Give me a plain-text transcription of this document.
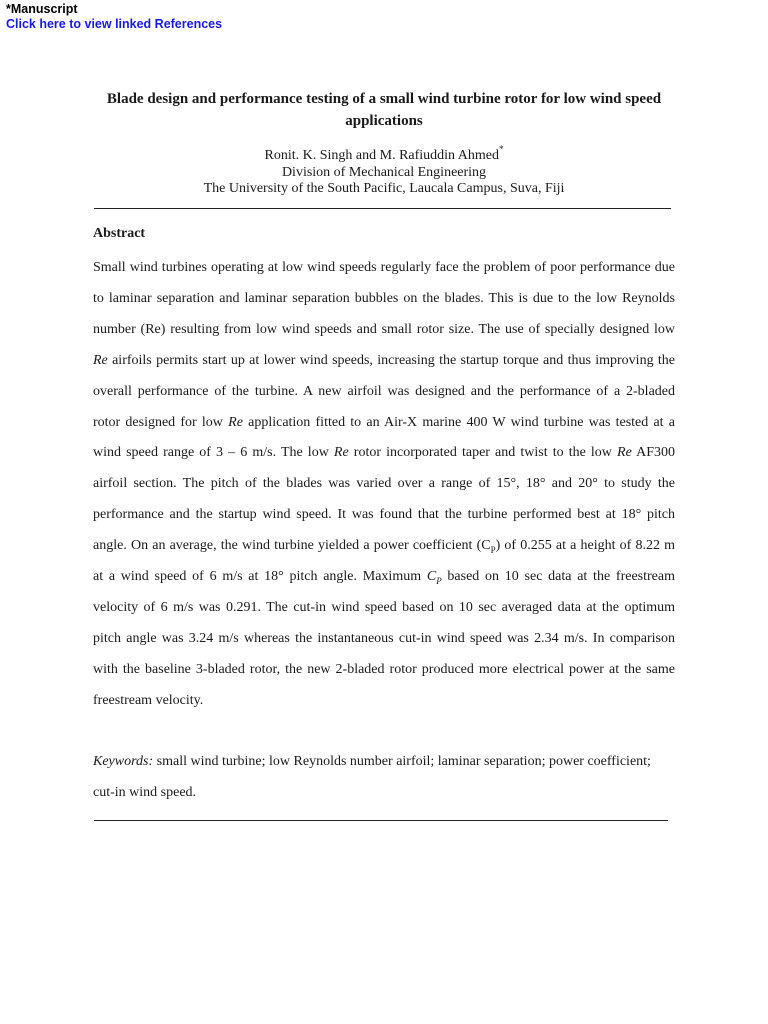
*Manuscript
Click here to view linked References
Blade design and performance testing of a small wind turbine rotor for low wind speed applications
Ronit. K. Singh and M. Rafiuddin Ahmed*
Division of Mechanical Engineering
The University of the South Pacific, Laucala Campus, Suva, Fiji
Abstract
Small wind turbines operating at low wind speeds regularly face the problem of poor performance due
to laminar separation and laminar separation bubbles on the blades. This is due to the low Reynolds
number (Re) resulting from low wind speeds and small rotor size. The use of specially designed low
Re airfoils permits start up at lower wind speeds, increasing the startup torque and thus improving the
overall performance of the turbine. A new airfoil was designed and the performance of a 2-bladed
rotor designed for low Re application fitted to an Air-X marine 400 W wind turbine was tested at a
wind speed range of 3 – 6 m/s. The low Re rotor incorporated taper and twist to the low Re AF300
airfoil section. The pitch of the blades was varied over a range of 15°, 18° and 20° to study the
performance and the startup wind speed. It was found that the turbine performed best at 18° pitch
angle. On an average, the wind turbine yielded a power coefficient $(C_P)$ of 0.255 at a height of 8.22 m
at a wind speed of 6 m/s at 18° pitch angle. Maximum $C_P$ based on 10 sec data at the freestream
velocity of 6 m/s was 0.291. The cut-in wind speed based on 10 sec averaged data at the optimum
pitch angle was 3.24 m/s whereas the instantaneous cut-in wind speed was 2.34 m/s. In comparison
with the baseline 3-bladed rotor, the new 2-bladed rotor produced more electrical power at the same
freestream velocity.
Keywords: small wind turbine; low Reynolds number airfoil; laminar separation; power coefficient;
cut-in wind speed.
